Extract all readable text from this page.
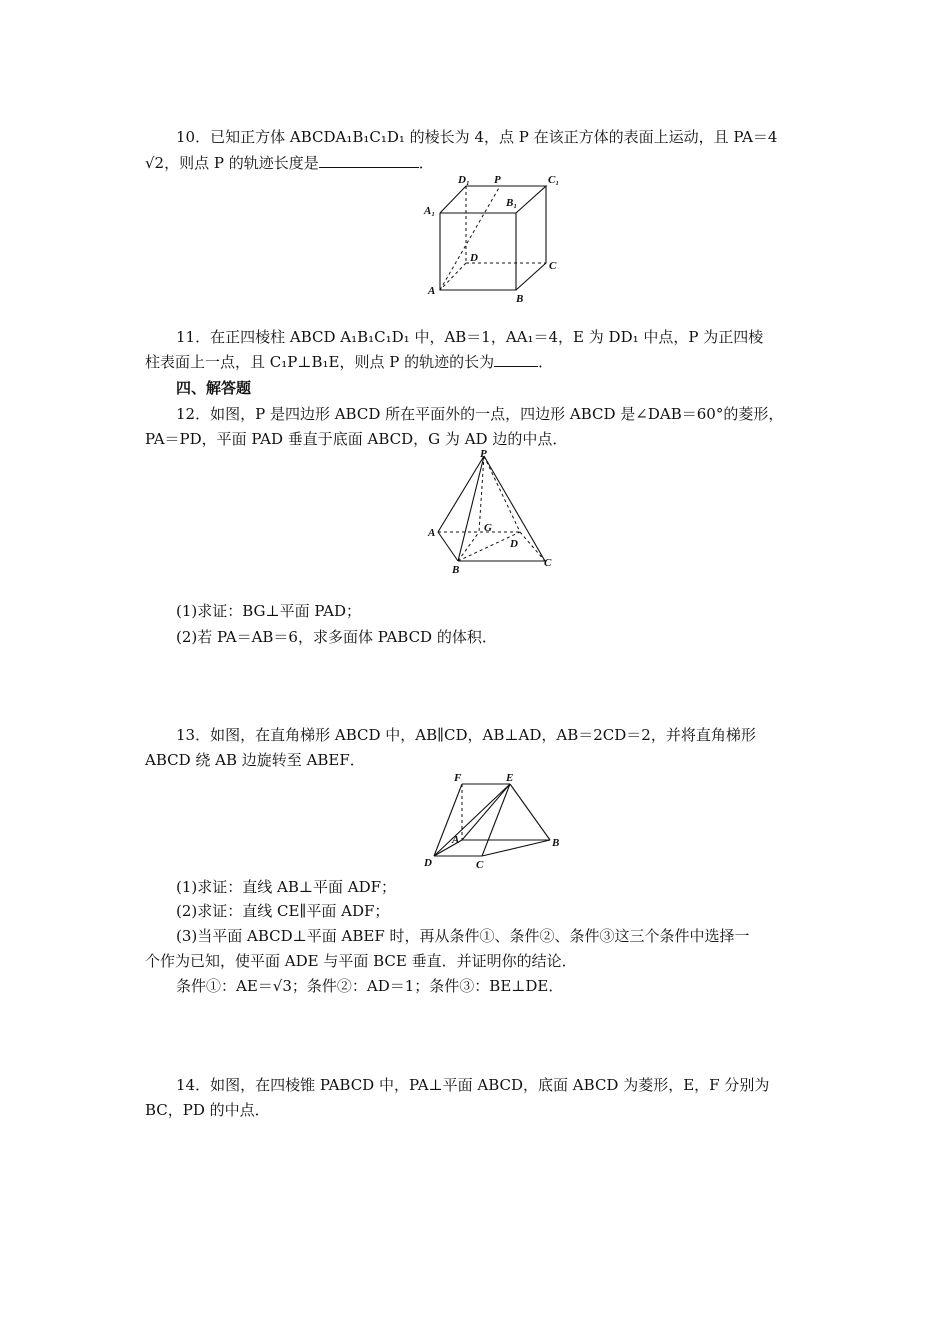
10．已知正方体 ABCDA₁B₁C₁D₁ 的棱长为 4，点 P 在该正方体的表面上运动，且 PA＝4
√2，则点 P 的轨迹长度是	．
D₁ P	C₁
A₁
B₁
D
C
A
B
11．在正四棱柱 ABCD A₁B₁C₁D₁ 中，AB＝1，AA₁＝4，E 为 DD₁ 中点，P 为正四棱
柱表面上一点，且 C₁P⊥B₁E，则点 P 的轨迹的长为	．
四、解答题
12．如图，P 是四边形 ABCD 所在平面外的一点，四边形 ABCD 是∠DAB＝60°的菱形，
PA＝PD，平面 PAD 垂直于底面 ABCD，G 为 AD 边的中点．
P
A	G
D
B
C
(1)求证：BG⊥平面 PAD；
(2)若 PA＝AB＝6，求多面体 PABCD 的体积．
13．如图，在直角梯形 ABCD 中，AB∥CD，AB⊥AD，AB＝2CD＝2，并将直角梯形
ABCD 绕 AB 边旋转至 ABEF．
F	E
A	B
D	C
(1)求证：直线 AB⊥平面 ADF；
(2)求证：直线 CE∥平面 ADF；
(3)当平面 ABCD⊥平面 ABEF 时，再从条件①、条件②、条件③这三个条件中选择一
个作为已知，使平面 ADE 与平面 BCE 垂直．并证明你的结论．
条件①：AE＝√3；条件②：AD＝1；条件③：BE⊥DE．
14．如图，在四棱锥 PABCD 中，PA⊥平面 ABCD，底面 ABCD 为菱形，E，F 分别为
BC，PD 的中点．
